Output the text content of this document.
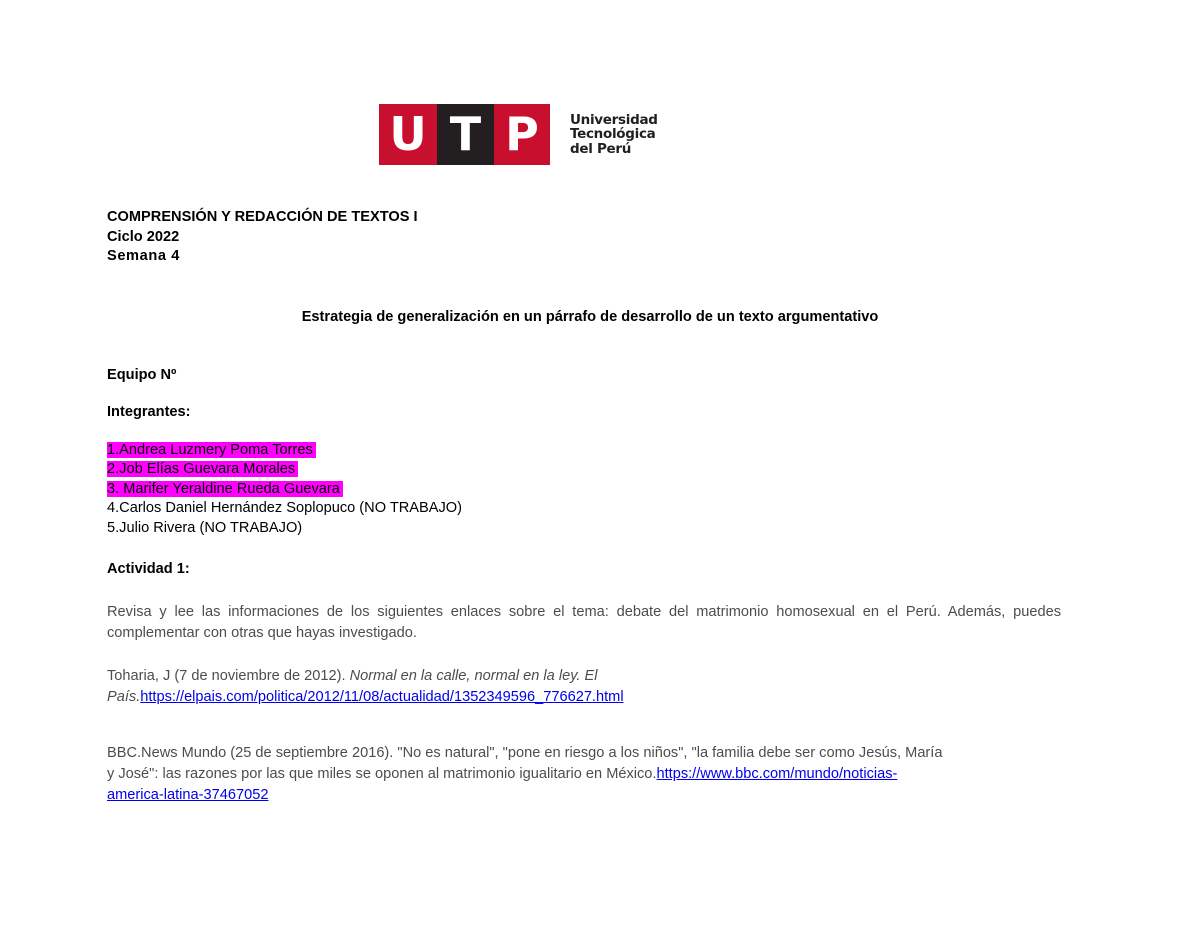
U T P	Universidad
Tecnológica
del Perú
COMPRENSIÓN Y REDACCIÓN DE TEXTOS I
Ciclo 2022
Semana 4
Estrategia de generalización en un párrafo de desarrollo de un texto argumentativo
Equipo Nº
Integrantes:
1.Andrea Luzmery Poma Torres
2.Job Elías Guevara Morales
3. Marifer Yeraldine Rueda Guevara
4.Carlos Daniel Hernández Soplopuco (NO TRABAJO)
5.Julio Rivera (NO TRABAJO)
Actividad 1:
Revisa y lee las informaciones de los siguientes enlaces sobre el tema: debate del matrimonio homosexual en el Perú. Además, puedes complementar con otras que hayas investigado.
Toharia, J (7 de noviembre de 2012). Normal en la calle, normal en la ley. El
País.https://elpais.com/politica/2012/11/08/actualidad/1352349596_776627.html
BBC.News Mundo (25 de septiembre 2016). "No es natural", "pone en riesgo a los niños", "la familia debe ser como Jesús, María
y José": las razones por las que miles se oponen al matrimonio igualitario en México.https://www.bbc.com/mundo/noticias-
america-latina-37467052
